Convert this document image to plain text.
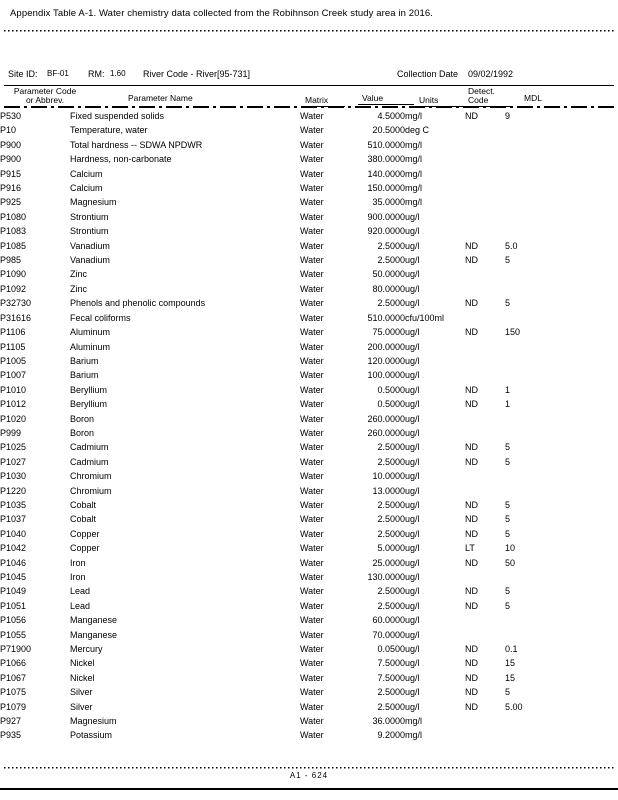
Appendix Table A-1. Water chemistry data collected from the Robihnson Creek study area in 2016.
Site ID: BF-01 RM: 1.60 River Code - River[95-731]	Collection Date 09/02/1992
Parameter Code
or Abbrev.	Parameter Name	Matrix	Value	Units
Detect.
Code	MDL
P530	Fixed suspended solids	Water	4.5000	mg/l	ND	9
P10	Temperature, water	Water	20.5000	deg C		
P900	Total hardness -- SDWA NPDWR	Water	510.0000	mg/l		
P900	Hardness, non-carbonate	Water	380.0000	mg/l		
P915	Calcium	Water	140.0000	mg/l		
P916	Calcium	Water	150.0000	mg/l		
P925	Magnesium	Water	35.0000	mg/l		
P1080	Strontium	Water	900.0000	ug/l		
P1083	Strontium	Water	920.0000	ug/l		
P1085	Vanadium	Water	2.5000	ug/l	ND	5.0
P985	Vanadium	Water	2.5000	ug/l	ND	5
P1090	Zinc	Water	50.0000	ug/l		
P1092	Zinc	Water	80.0000	ug/l		
P32730	Phenols and phenolic compounds	Water	2.5000	ug/l	ND	5
P31616	Fecal coliforms	Water	510.0000	cfu/100ml		
P1106	Aluminum	Water	75.0000	ug/l	ND	150
P1105	Aluminum	Water	200.0000	ug/l		
P1005	Barium	Water	120.0000	ug/l		
P1007	Barium	Water	100.0000	ug/l		
P1010	Beryllium	Water	0.5000	ug/l	ND	1
P1012	Beryllium	Water	0.5000	ug/l	ND	1
P1020	Boron	Water	260.0000	ug/l		
P999	Boron	Water	260.0000	ug/l		
P1025	Cadmium	Water	2.5000	ug/l	ND	5
P1027	Cadmium	Water	2.5000	ug/l	ND	5
P1030	Chromium	Water	10.0000	ug/l		
P1220	Chromium	Water	13.0000	ug/l		
P1035	Cobalt	Water	2.5000	ug/l	ND	5
P1037	Cobalt	Water	2.5000	ug/l	ND	5
P1040	Copper	Water	2.5000	ug/l	ND	5
P1042	Copper	Water	5.0000	ug/l	LT	10
P1046	Iron	Water	25.0000	ug/l	ND	50
P1045	Iron	Water	130.0000	ug/l		
P1049	Lead	Water	2.5000	ug/l	ND	5
P1051	Lead	Water	2.5000	ug/l	ND	5
P1056	Manganese	Water	60.0000	ug/l		
P1055	Manganese	Water	70.0000	ug/l		
P71900	Mercury	Water	0.0500	ug/l	ND	0.1
P1066	Nickel	Water	7.5000	ug/l	ND	15
P1067	Nickel	Water	7.5000	ug/l	ND	15
P1075	Silver	Water	2.5000	ug/l	ND	5
P1079	Silver	Water	2.5000	ug/l	ND	5.00
P927	Magnesium	Water	36.0000	mg/l		
P935	Potassium	Water	9.2000	mg/l		
A1 - 624
